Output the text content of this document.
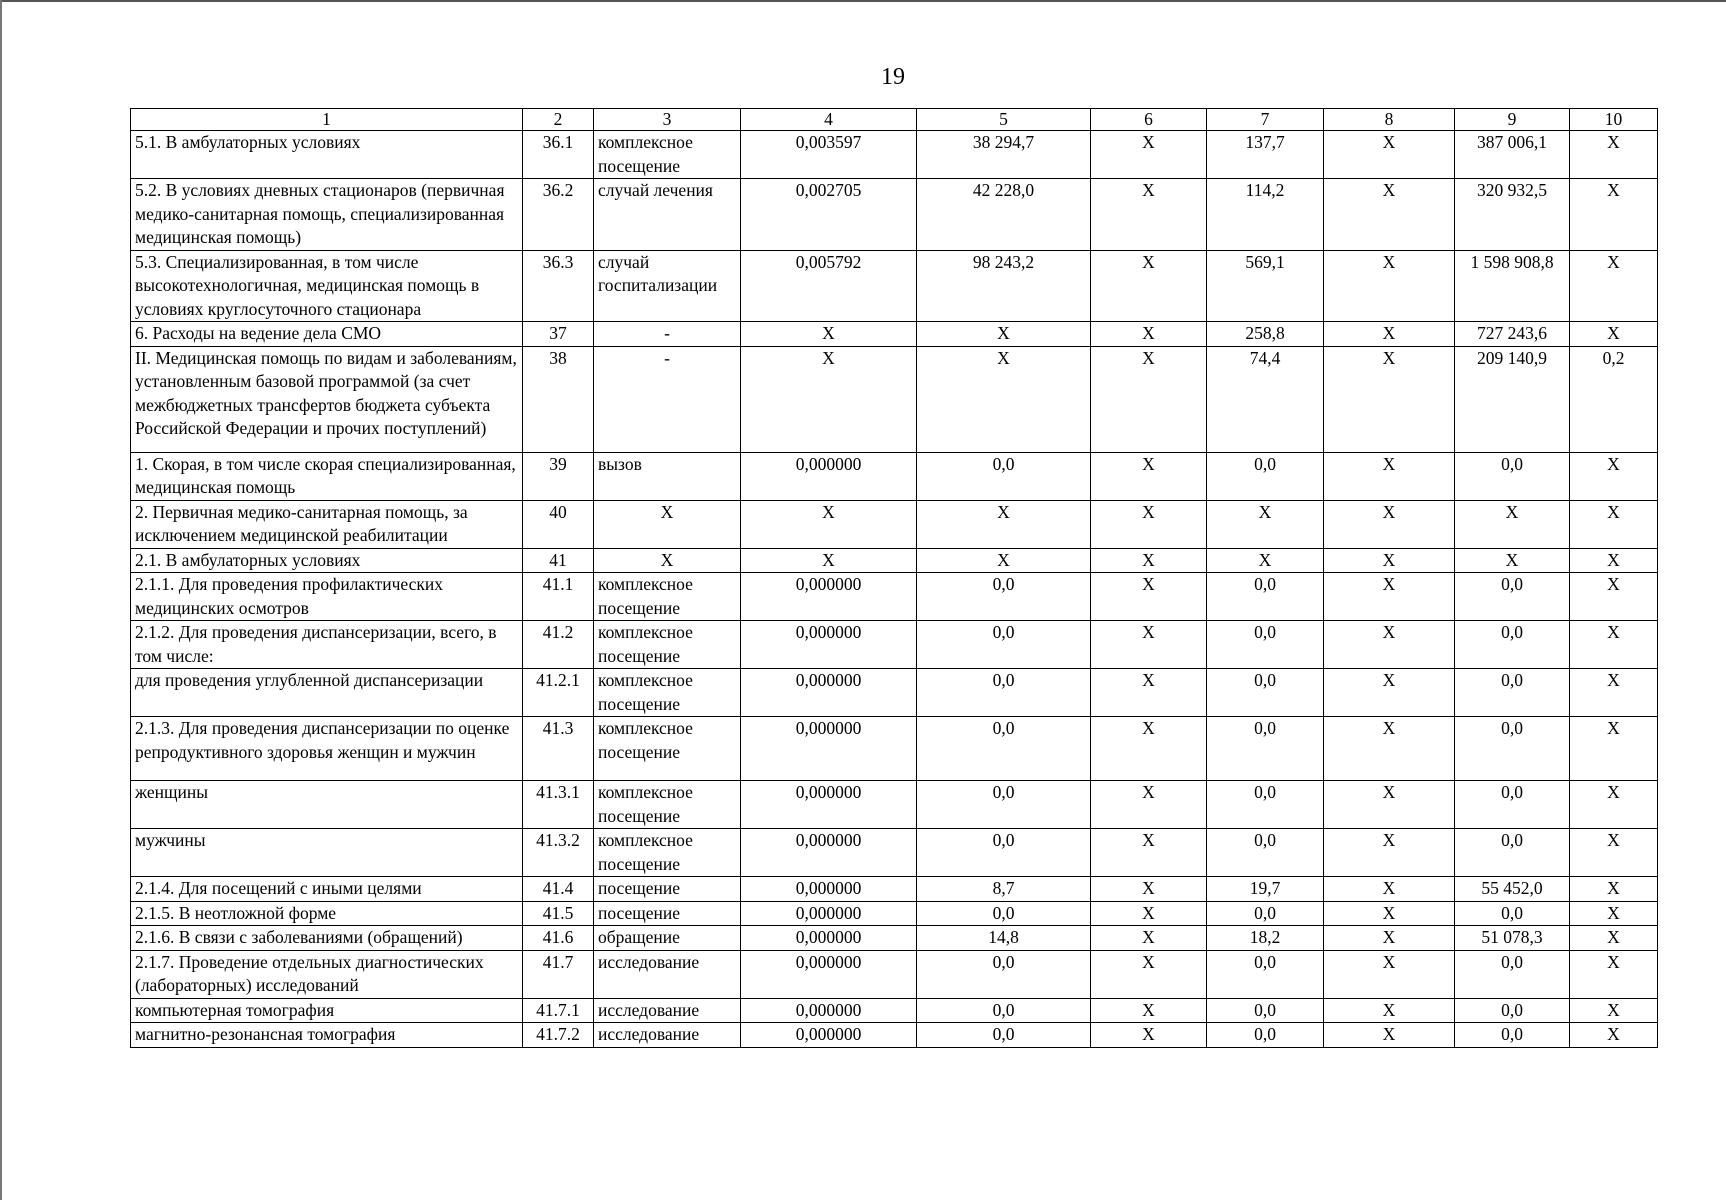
19
1	2	3	4	5	6	7	8	9	10
5.1. В амбулаторных условиях	36.1	комплексное посещение	0,003597	38 294,7	X	137,7	X	387 006,1	X
5.2. В условиях дневных стационаров (первичная медико-санитарная помощь, специализированная медицинская помощь)	36.2	случай лечения	0,002705	42 228,0	X	114,2	X	320 932,5	X
5.3. Специализированная, в том числе высокотехнологичная, медицинская помощь в условиях круглосуточного стационара	36.3	случай госпитализации	0,005792	98 243,2	X	569,1	X	1 598 908,8	X
6. Расходы на ведение дела СМО	37	-	X	X	X	258,8	X	727 243,6	X
II. Медицинская помощь по видам и заболеваниям, установленным базовой программой (за счет межбюджетных трансфертов бюджета субъекта Российской Федерации и прочих поступлений)	38	-	X	X	X	74,4	X	209 140,9	0,2
1. Скорая, в том числе скорая специализированная, медицинская помощь	39	вызов	0,000000	0,0	X	0,0	X	0,0	X
2. Первичная медико-санитарная помощь, за исключением медицинской реабилитации	40	X	X	X	X	X	X	X	X
2.1. В амбулаторных условиях	41	X	X	X	X	X	X	X	X
2.1.1. Для проведения профилактических медицинских осмотров	41.1	комплексное посещение	0,000000	0,0	X	0,0	X	0,0	X
2.1.2. Для проведения диспансеризации, всего, в том числе:	41.2	комплексное посещение	0,000000	0,0	X	0,0	X	0,0	X
для проведения углубленной диспансеризации	41.2.1	комплексное посещение	0,000000	0,0	X	0,0	X	0,0	X
2.1.3. Для проведения диспансеризации по оценке репродуктивного здоровья женщин и мужчин	41.3	комплексное посещение	0,000000	0,0	X	0,0	X	0,0	X
женщины	41.3.1	комплексное посещение	0,000000	0,0	X	0,0	X	0,0	X
мужчины	41.3.2	комплексное посещение	0,000000	0,0	X	0,0	X	0,0	X
2.1.4. Для посещений с иными целями	41.4	посещение	0,000000	8,7	X	19,7	X	55 452,0	X
2.1.5. В неотложной форме	41.5	посещение	0,000000	0,0	X	0,0	X	0,0	X
2.1.6. В связи с заболеваниями (обращений)	41.6	обращение	0,000000	14,8	X	18,2	X	51 078,3	X
2.1.7. Проведение отдельных диагностических (лабораторных) исследований	41.7	исследование	0,000000	0,0	X	0,0	X	0,0	X
компьютерная томография	41.7.1	исследование	0,000000	0,0	X	0,0	X	0,0	X
магнитно-резонансная томография	41.7.2	исследование	0,000000	0,0	X	0,0	X	0,0	X
